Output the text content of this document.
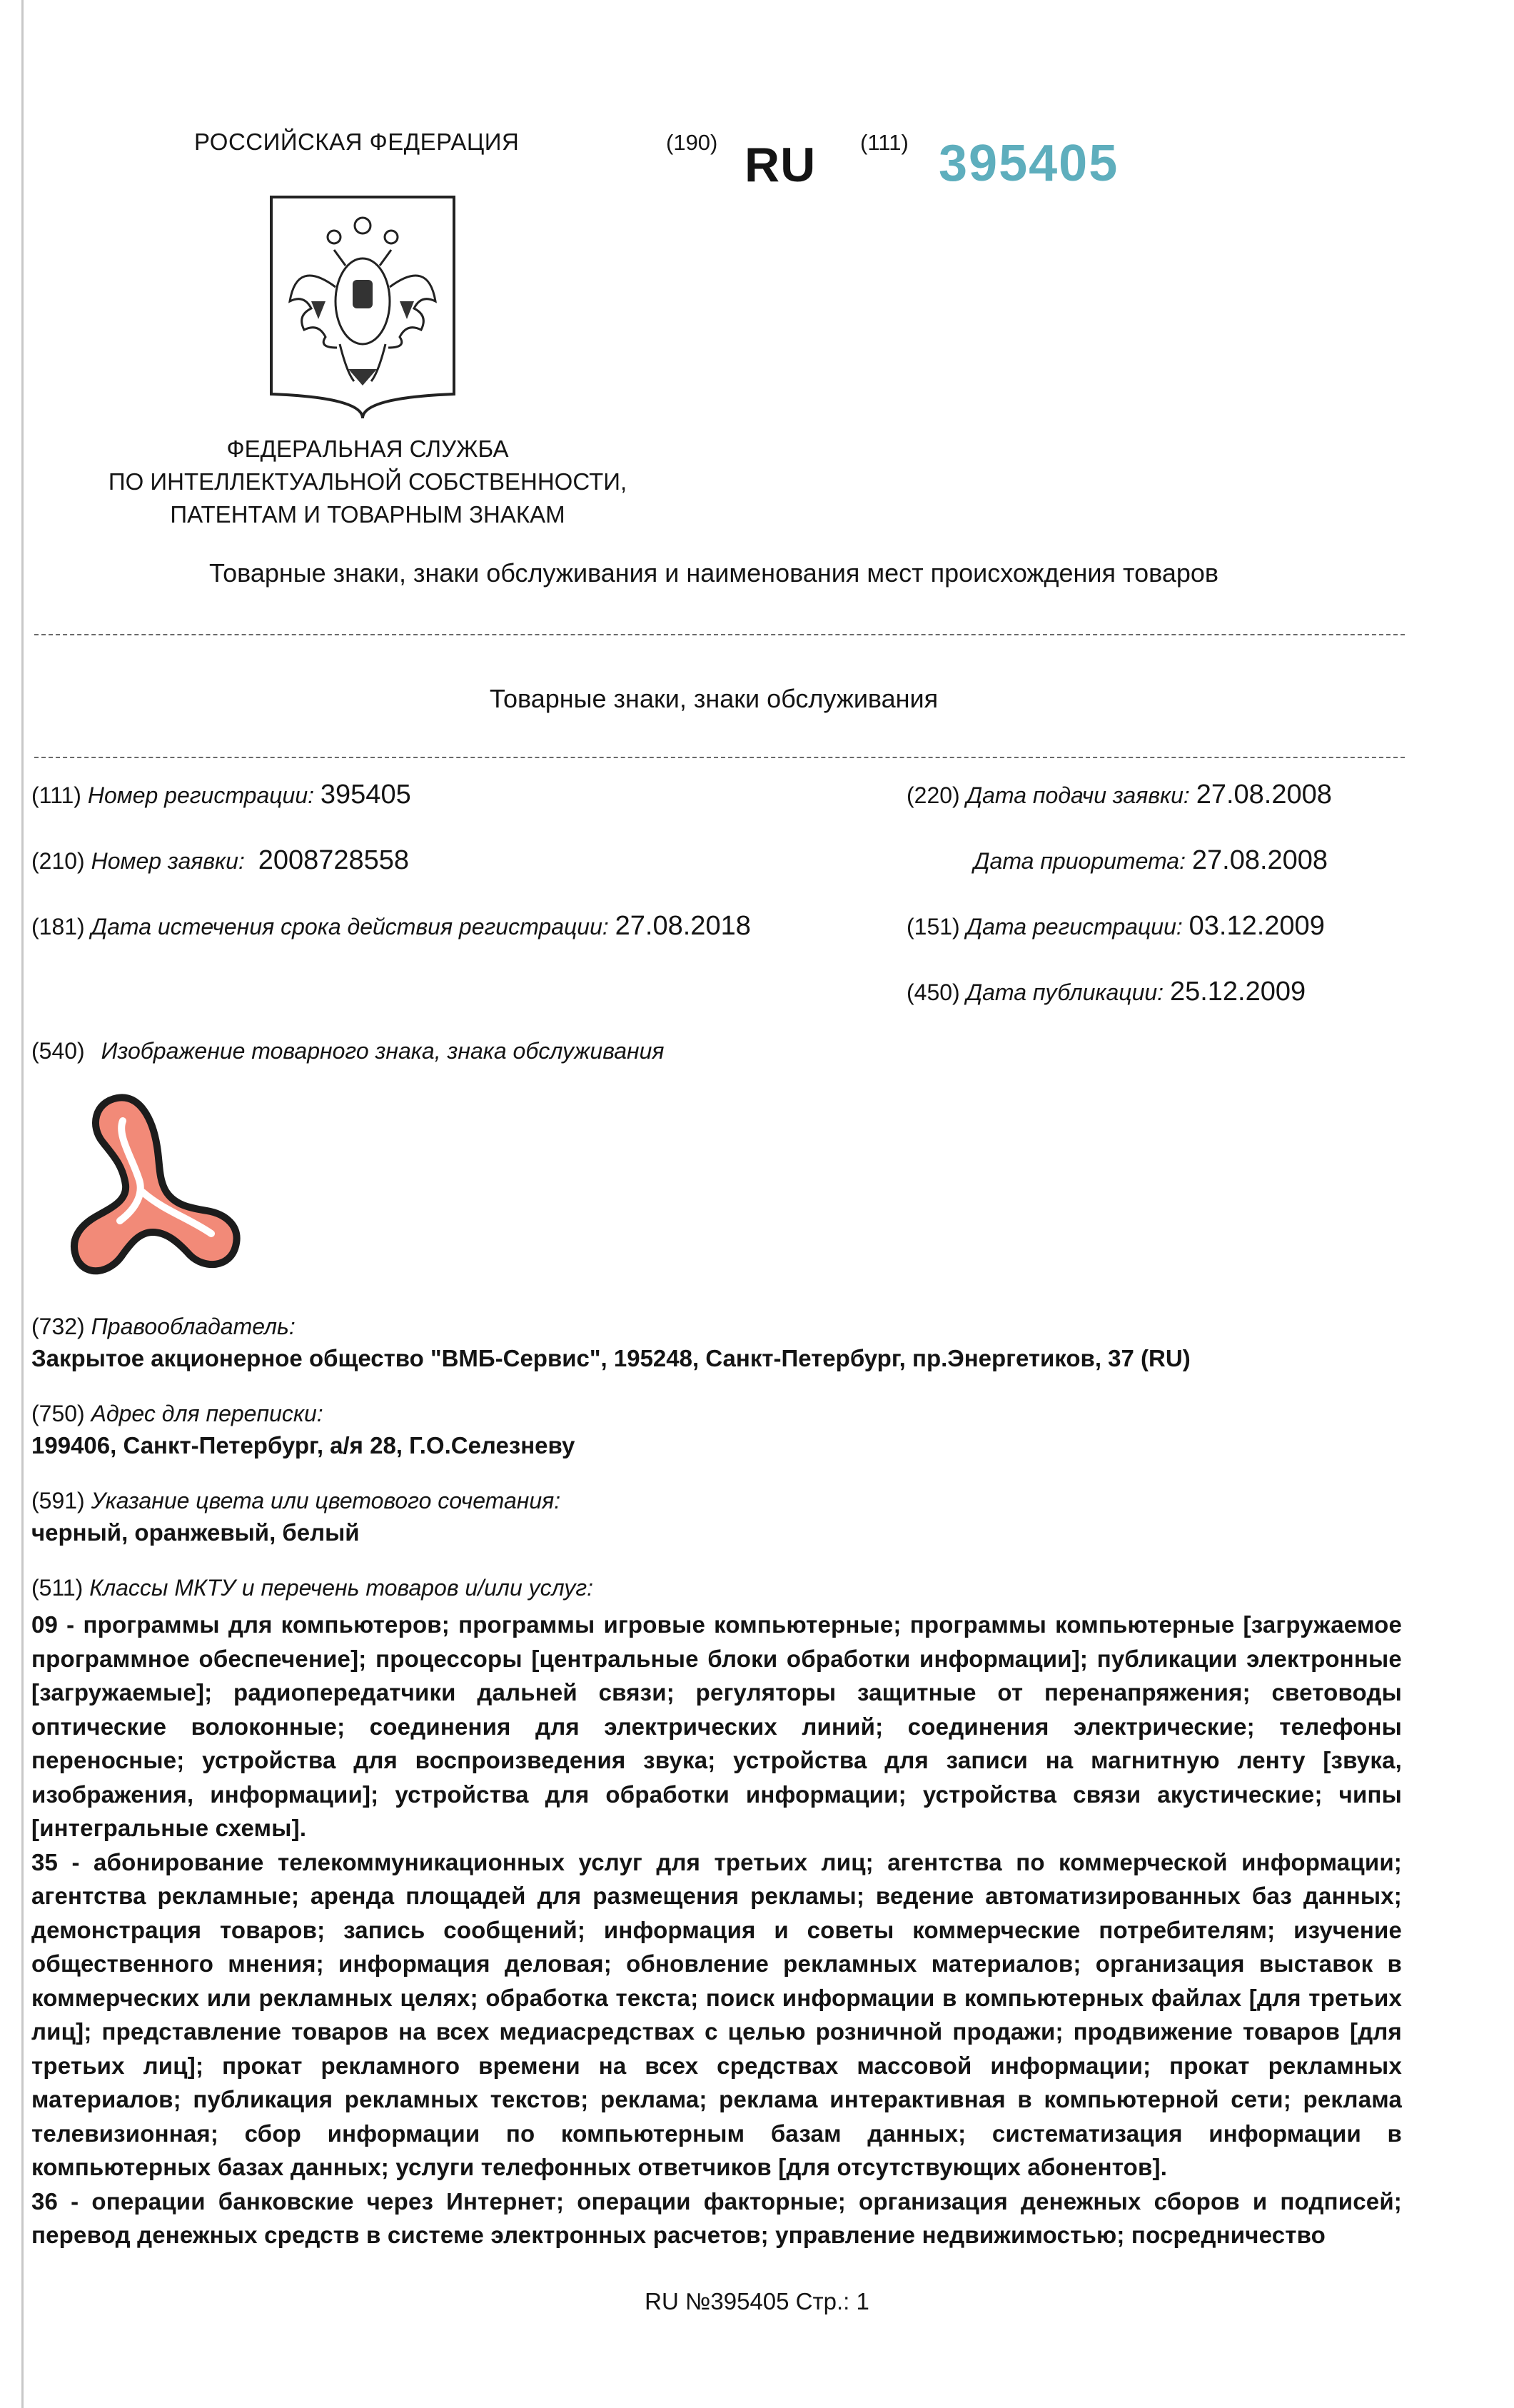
РОССИЙСКАЯ ФЕДЕРАЦИЯ	(190) RU (111) 395405
ФЕДЕРАЛЬНАЯ СЛУЖБА
ПО ИНТЕЛЛЕКТУАЛЬНОЙ СОБСТВЕННОСТИ,
ПАТЕНТАМ И ТОВАРНЫМ ЗНАКАМ
Товарные знаки, знаки обслуживания и наименования мест происхождения товаров
Товарные знаки, знаки обслуживания
(111) Номер регистрации: 395405
(210) Номер заявки: 2008728558
(181) Дата истечения срока действия регистрации: 27.08.2018
(220) Дата подачи заявки: 27.08.2008
Дата приоритета: 27.08.2008
(151) Дата регистрации: 03.12.2009
(450) Дата публикации: 25.12.2009
(540) Изображение товарного знака, знака обслуживания
(732) Правообладатель:
Закрытое акционерное общество "ВМБ-Сервис", 195248, Санкт-Петербург, пр.Энергетиков, 37 (RU)
(750) Адрес для переписки:
199406, Санкт-Петербург, а/я 28, Г.О.Селезневу
(591) Указание цвета или цветового сочетания:
черный, оранжевый, белый
(511) Классы МКТУ и перечень товаров и/или услуг:

09 - программы для компьютеров; программы игровые компьютерные; программы компьютерные [загружаемое программное обеспечение]; процессоры [центральные блоки обработки информации]; публикации электронные [загружаемые]; радиопередатчики дальней связи; регуляторы защитные от перенапряжения; световоды оптические волоконные; соединения для электрических линий; соединения электрические; телефоны переносные; устройства для воспроизведения звука; устройства для записи на магнитную ленту [звука, изображения, информации]; устройства для обработки информации; устройства связи акустические; чипы [интегральные схемы].

35 - абонирование телекоммуникационных услуг для третьих лиц; агентства по коммерческой информации; агентства рекламные; аренда площадей для размещения рекламы; ведение автоматизированных баз данных; демонстрация товаров; запись сообщений; информация и советы коммерческие потребителям; изучение общественного мнения; информация деловая; обновление рекламных материалов; организация выставок в коммерческих или рекламных целях; обработка текста; поиск информации в компьютерных файлах [для третьих лиц]; представление товаров на всех медиасредствах с целью розничной продажи; продвижение товаров [для третьих лиц]; прокат рекламного времени на всех средствах массовой информации; прокат рекламных материалов; публикация рекламных текстов; реклама; реклама интерактивная в компьютерной сети; реклама телевизионная; сбор информации по компьютерным базам данных; систематизация информации в компьютерных базах данных; услуги телефонных ответчиков [для отсутствующих абонентов].

36 - операции банковские через Интернет; операции факторные; организация денежных сборов и подписей; перевод денежных средств в системе электронных расчетов; управление недвижимостью; посредничество

RU №395405 Стр.: 1
